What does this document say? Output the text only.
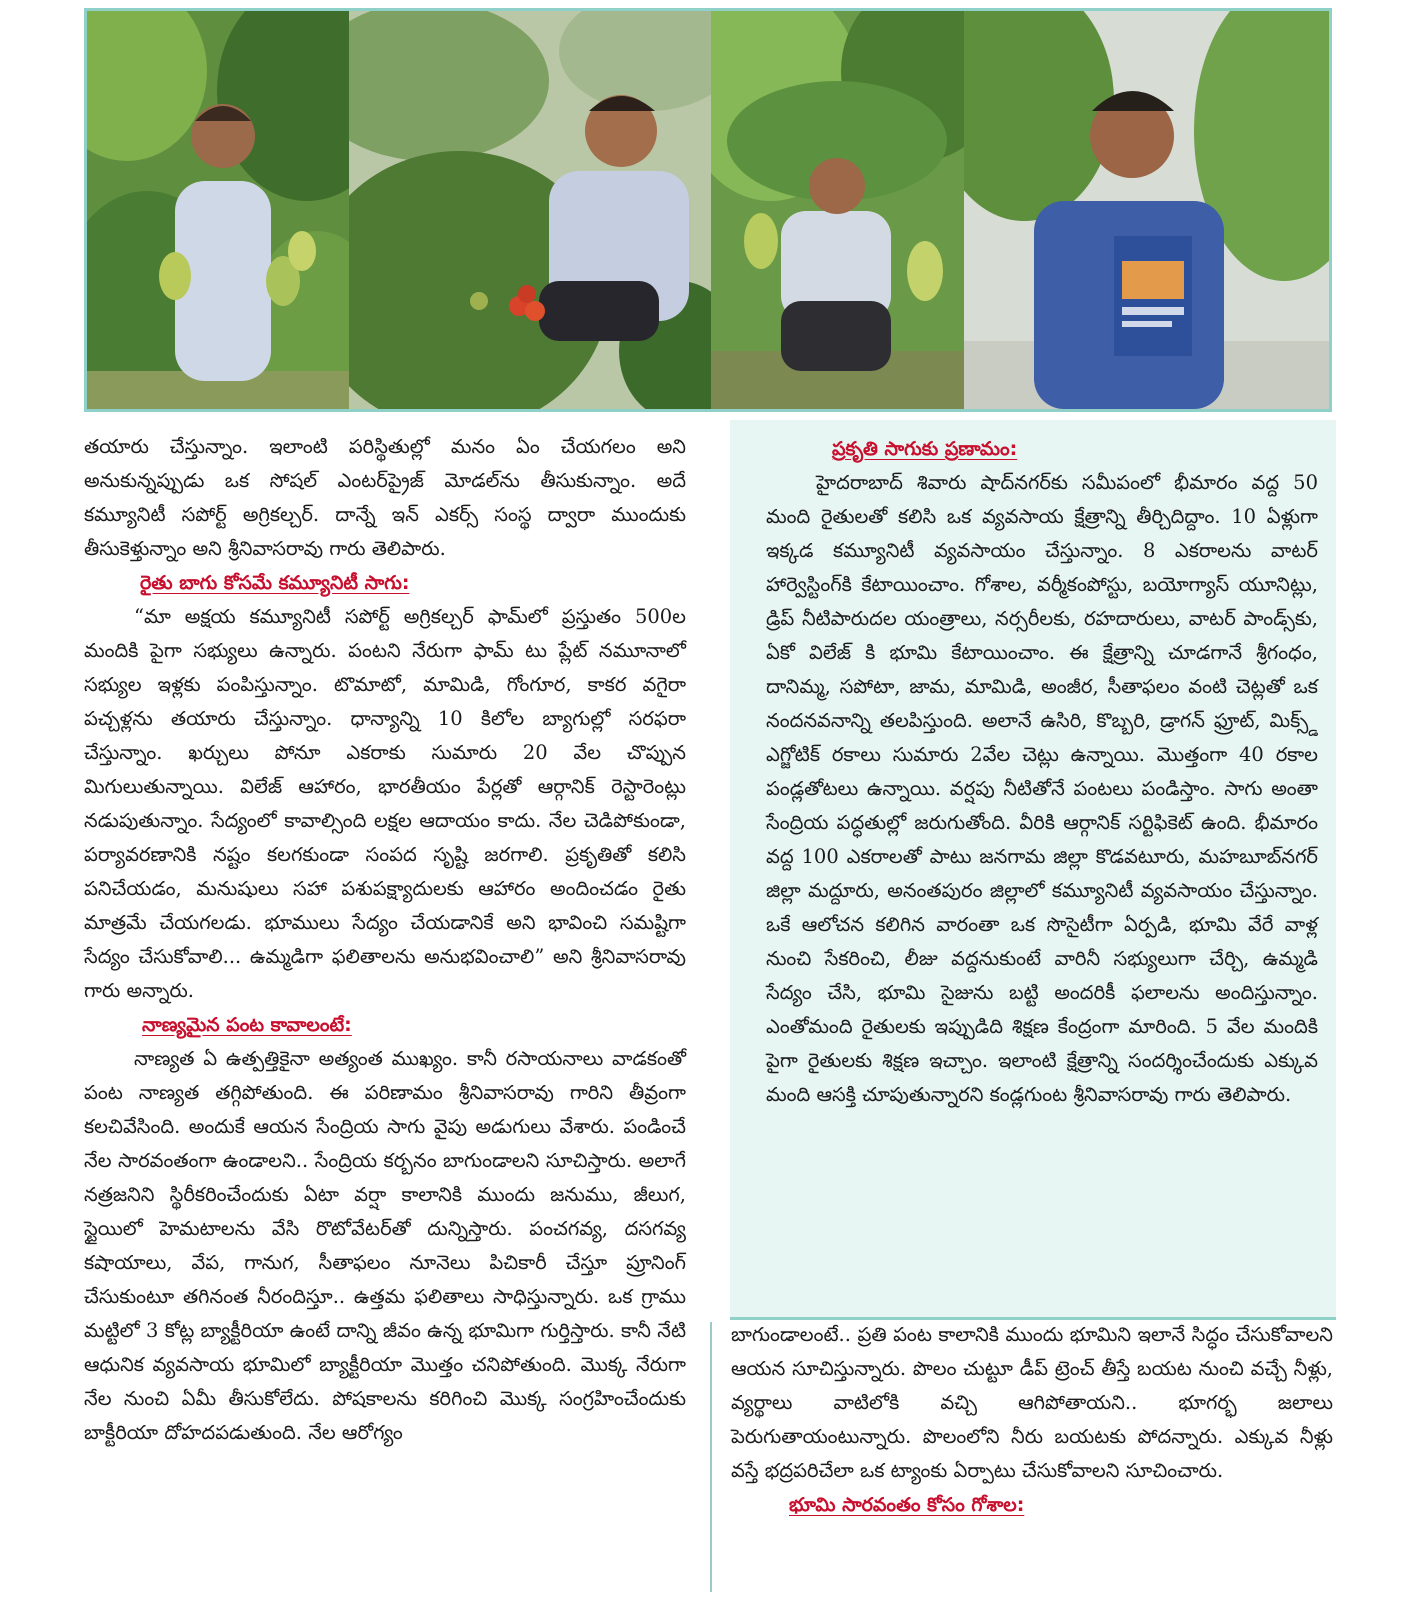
తయారు చేస్తున్నాం. ఇలాంటి పరిస్థితుల్లో మనం ఏం చేయగలం అని అనుకున్నప్పుడు ఒక సోషల్ ఎంటర్‌ప్రైజ్ మోడల్‌ను తీసుకున్నాం. అదే కమ్యూనిటీ సపోర్ట్ అగ్రికల్చర్. దాన్నే ఇన్ ఎకర్స్ సంస్థ ద్వారా ముందుకు తీసుకెళ్తున్నాం అని శ్రీనివాసరావు గారు తెలిపారు.

రైతు బాగు కోసమే కమ్యూనిటీ సాగు:

“మా అక్షయ కమ్యూనిటీ సపోర్ట్ అగ్రికల్చర్ ఫామ్‌లో ప్రస్తుతం 500ల మందికి పైగా సభ్యులు ఉన్నారు. పంటని నేరుగా ఫామ్ టు ప్లేట్ నమూనాలో సభ్యుల ఇళ్లకు పంపిస్తున్నాం. టొమాటో, మామిడి, గోంగూర, కాకర వగైరా పచ్చళ్లను తయారు చేస్తున్నాం. ధాన్యాన్ని 10 కిలోల బ్యాగుల్లో సరఫరా చేస్తున్నాం. ఖర్చులు పోనూ ఎకరాకు సుమారు 20 వేల చొప్పున మిగులుతున్నాయి. విలేజ్ ఆహారం, భారతీయం పేర్లతో ఆర్గానిక్ రెస్టారెంట్లు నడుపుతున్నాం. సేద్యంలో కావాల్సింది లక్షల ఆదాయం కాదు. నేల చెడిపోకుండా, పర్యావరణానికి నష్టం కలగకుండా సంపద సృష్టి జరగాలి. ప్రకృతితో కలిసి పనిచేయడం, మనుషులు సహా పశుపక్ష్యాదులకు ఆహారం అందించడం రైతు మాత్రమే చేయగలడు. భూములు సేద్యం చేయడానికే అని భావించి సమష్టిగా సేద్యం చేసుకోవాలి... ఉమ్మడిగా ఫలితాలను అనుభవించాలి” అని శ్రీనివాసరావు గారు అన్నారు.

నాణ్యమైన పంట కావాలంటే:

నాణ్యత ఏ ఉత్పత్తికైనా అత్యంత ముఖ్యం. కానీ రసాయనాలు వాడకంతో పంట నాణ్యత తగ్గిపోతుంది. ఈ పరిణామం శ్రీనివాసరావు గారిని తీవ్రంగా కలచివేసింది. అందుకే ఆయన సేంద్రియ సాగు వైపు అడుగులు వేశారు. పండించే నేల సారవంతంగా ఉండాలని.. సేంద్రియ కర్బనం బాగుండాలని సూచిస్తారు. అలాగే నత్రజనిని స్థిరీకరించేందుకు ఏటా వర్షా కాలానికి ముందు జనుము, జీలుగ, స్టైయిలో హెమటాలను వేసి రొటోవేటర్‌తో దున్నిస్తారు. పంచగవ్య, దసగవ్య కషాయాలు, వేప, గానుగ, సీతాఫలం నూనెలు పిచికారీ చేస్తూ ప్రూనింగ్ చేసుకుంటూ తగినంత నీరందిస్తూ.. ఉత్తమ ఫలితాలు సాధిస్తున్నారు. ఒక గ్రాము మట్టిలో 3 కోట్ల బ్యాక్టీరియా ఉంటే దాన్ని జీవం ఉన్న భూమిగా గుర్తిస్తారు. కానీ నేటి ఆధునిక వ్యవసాయ భూమిలో బ్యాక్టీరియా మొత్తం చనిపోతుంది. మొక్క నేరుగా నేల నుంచి ఏమీ తీసుకోలేదు. పోషకాలను కరిగించి మొక్క సంగ్రహించేందుకు బాక్టీరియా దోహదపడుతుంది. నేల ఆరోగ్యం

ప్రకృతి సాగుకు ప్రణామం:

హైదరాబాద్ శివారు షాద్‌నగర్‌కు సమీపంలో భీమారం వద్ద 50 మంది రైతులతో కలిసి ఒక వ్యవసాయ క్షేత్రాన్ని తీర్చిదిద్దాం. 10 ఏళ్లుగా ఇక్కడ కమ్యూనిటీ వ్యవసాయం చేస్తున్నాం. 8 ఎకరాలను వాటర్ హార్వెస్టింగ్‌కి కేటాయించాం. గోశాల, వర్మీకంపోస్టు, బయోగ్యాస్ యూనిట్లు, డ్రిప్ నీటిపారుదల యంత్రాలు, నర్సరీలకు, రహదారులు, వాటర్ పాండ్స్‌కు, ఏకో విలేజ్ కి భూమి కేటాయించాం. ఈ క్షేత్రాన్ని చూడగానే శ్రీగంధం, దానిమ్మ, సపోటా, జామ, మామిడి, అంజీర, సీతాఫలం వంటి చెట్లతో ఒక నందనవనాన్ని తలపిస్తుంది. అలానే ఉసిరి, కొబ్బరి, డ్రాగన్ ఫ్రూట్, మిక్స్డ్ ఎగ్జోటిక్ రకాలు సుమారు 2వేల చెట్లు ఉన్నాయి. మొత్తంగా 40 రకాల పండ్లతోటలు ఉన్నాయి. వర్షపు నీటితోనే పంటలు పండిస్తాం. సాగు అంతా సేంద్రియ పద్ధతుల్లో జరుగుతోంది. వీరికి ఆర్గానిక్ సర్టిఫికెట్ ఉంది. భీమారం వద్ద 100 ఎకరాలతో పాటు జనగామ జిల్లా కొడవటూరు, మహబూబ్‌నగర్ జిల్లా మద్దూరు, అనంతపురం జిల్లాలో కమ్యూనిటీ వ్యవసాయం చేస్తున్నాం. ఒకే ఆలోచన కలిగిన వారంతా ఒక సొసైటీగా ఏర్పడి, భూమి వేరే వాళ్ల నుంచి సేకరించి, లీజు వద్దనుకుంటే వారినీ సభ్యులుగా చేర్చి, ఉమ్మడి సేద్యం చేసి, భూమి సైజును బట్టి అందరికీ ఫలాలను అందిస్తున్నాం. ఎంతోమంది రైతులకు ఇప్పుడిది శిక్షణ కేంద్రంగా మారింది. 5 వేల మందికి పైగా రైతులకు శిక్షణ ఇచ్చాం. ఇలాంటి క్షేత్రాన్ని సందర్శించేందుకు ఎక్కువ మంది ఆసక్తి చూపుతున్నారని కండ్లగుంట శ్రీనివాసరావు గారు తెలిపారు.

బాగుండాలంటే.. ప్రతి పంట కాలానికి ముందు భూమిని ఇలానే సిద్ధం చేసుకోవాలని ఆయన సూచిస్తున్నారు. పొలం చుట్టూ డీప్ ట్రెంచ్ తీస్తే బయట నుంచి వచ్చే నీళ్లు, వ్యర్థాలు వాటిలోకి వచ్చి ఆగిపోతాయని.. భూగర్భ జలాలు పెరుగుతాయంటున్నారు. పొలంలోని నీరు బయటకు పోదన్నారు. ఎక్కువ నీళ్లు వస్తే భద్రపరిచేలా ఒక ట్యాంకు ఏర్పాటు చేసుకోవాలని సూచించారు.

భూమి సారవంతం కోసం గోశాల:
